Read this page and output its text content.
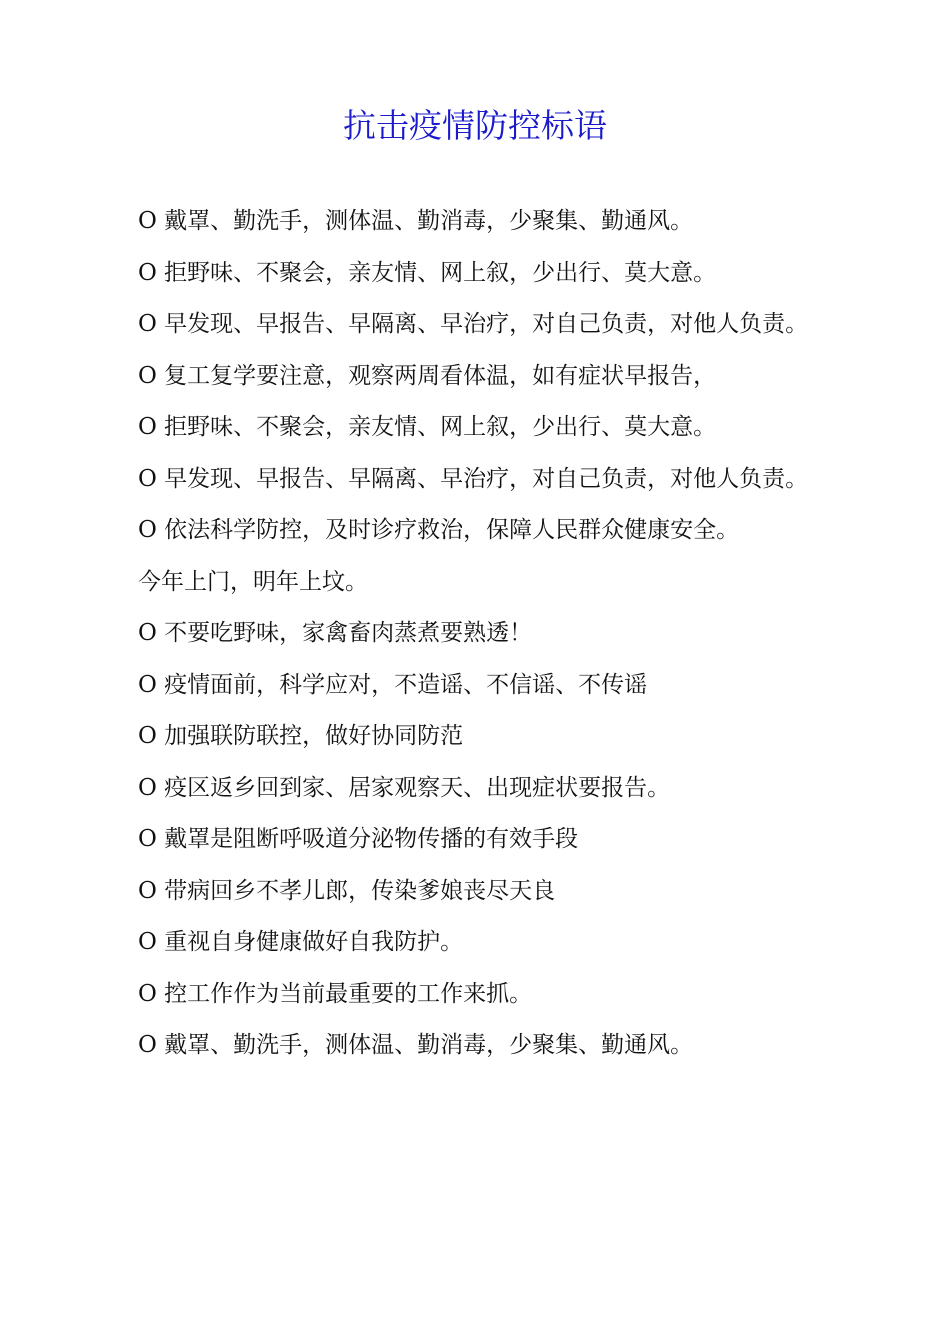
抗击疫情防控标语

O 戴罩、勤洗手，测体温、勤消毒，少聚集、勤通风。

O 拒野味、不聚会，亲友情、网上叙，少出行、莫大意。

O 早发现、早报告、早隔离、早治疗，对自己负责，对他人负责。

O 复工复学要注意，观察两周看体温，如有症状早报告，

O 拒野味、不聚会，亲友情、网上叙，少出行、莫大意。

O 早发现、早报告、早隔离、早治疗，对自己负责，对他人负责。

O 依法科学防控，及时诊疗救治，保障人民群众健康安全。

今年上门，明年上坟。

O 不要吃野味，家禽畜肉蒸煮要熟透！

O 疫情面前，科学应对，不造谣、不信谣、不传谣

O 加强联防联控，做好协同防范

O 疫区返乡回到家、居家观察天、出现症状要报告。

O 戴罩是阻断呼吸道分泌物传播的有效手段

O 带病回乡不孝儿郎，传染爹娘丧尽天良

O 重视自身健康做好自我防护。

O 控工作作为当前最重要的工作来抓。

O 戴罩、勤洗手，测体温、勤消毒，少聚集、勤通风。
